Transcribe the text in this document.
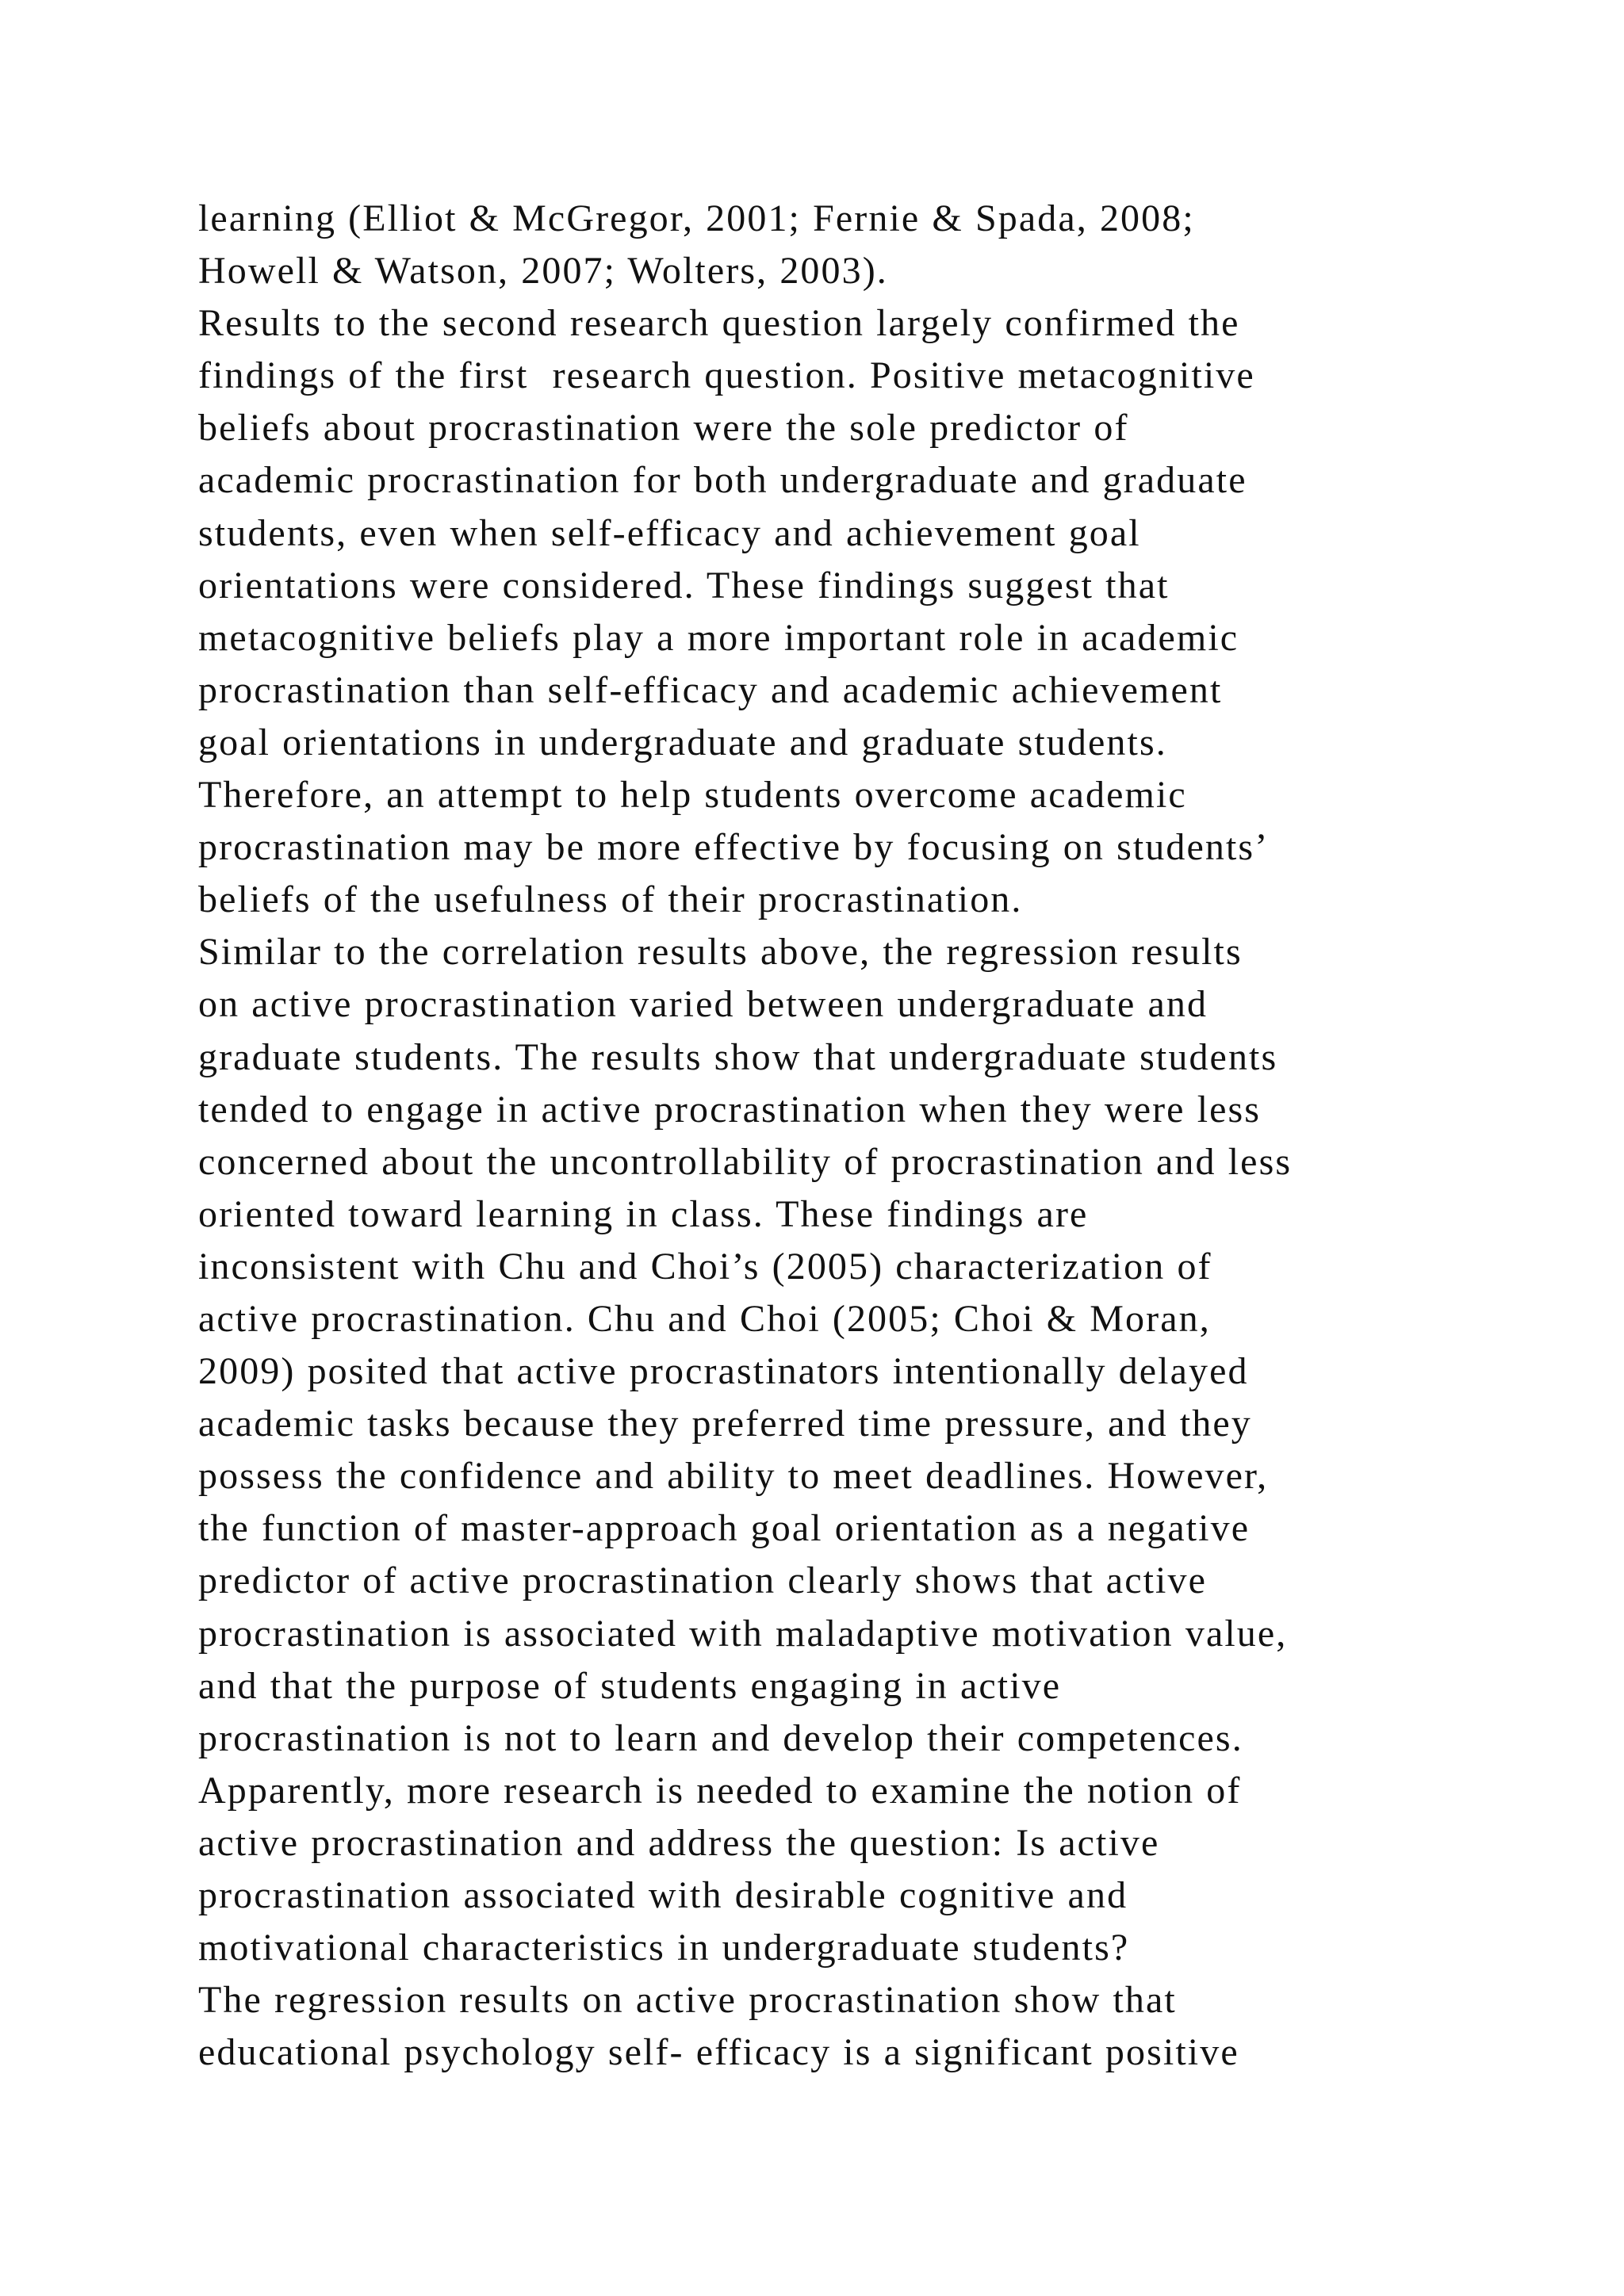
learning (Elliot & McGregor, 2001; Fernie & Spada, 2008;
Howell & Watson, 2007; Wolters, 2003).
Results to the second research question largely confirmed the
findings of the first  research question. Positive metacognitive
beliefs about procrastination were the sole predictor of
academic procrastination for both undergraduate and graduate
students, even when self-efficacy and achievement goal
orientations were considered. These findings suggest that
metacognitive beliefs play a more important role in academic
procrastination than self-efficacy and academic achievement
goal orientations in undergraduate and graduate students.
Therefore, an attempt to help students overcome academic
procrastination may be more effective by focusing on students’
beliefs of the usefulness of their procrastination.
Similar to the correlation results above, the regression results
on active procrastination varied between undergraduate and
graduate students. The results show that undergraduate students
tended to engage in active procrastination when they were less
concerned about the uncontrollability of procrastination and less
oriented toward learning in class. These findings are
inconsistent with Chu and Choi’s (2005) characterization of
active procrastination. Chu and Choi (2005; Choi & Moran,
2009) posited that active procrastinators intentionally delayed
academic tasks because they preferred time pressure, and they
possess the confidence and ability to meet deadlines. However,
the function of master-approach goal orientation as a negative
predictor of active procrastination clearly shows that active
procrastination is associated with maladaptive motivation value,
and that the purpose of students engaging in active
procrastination is not to learn and develop their competences.
Apparently, more research is needed to examine the notion of
active procrastination and address the question: Is active
procrastination associated with desirable cognitive and
motivational characteristics in undergraduate students?
The regression results on active procrastination show that
educational psychology self- efficacy is a significant positive
